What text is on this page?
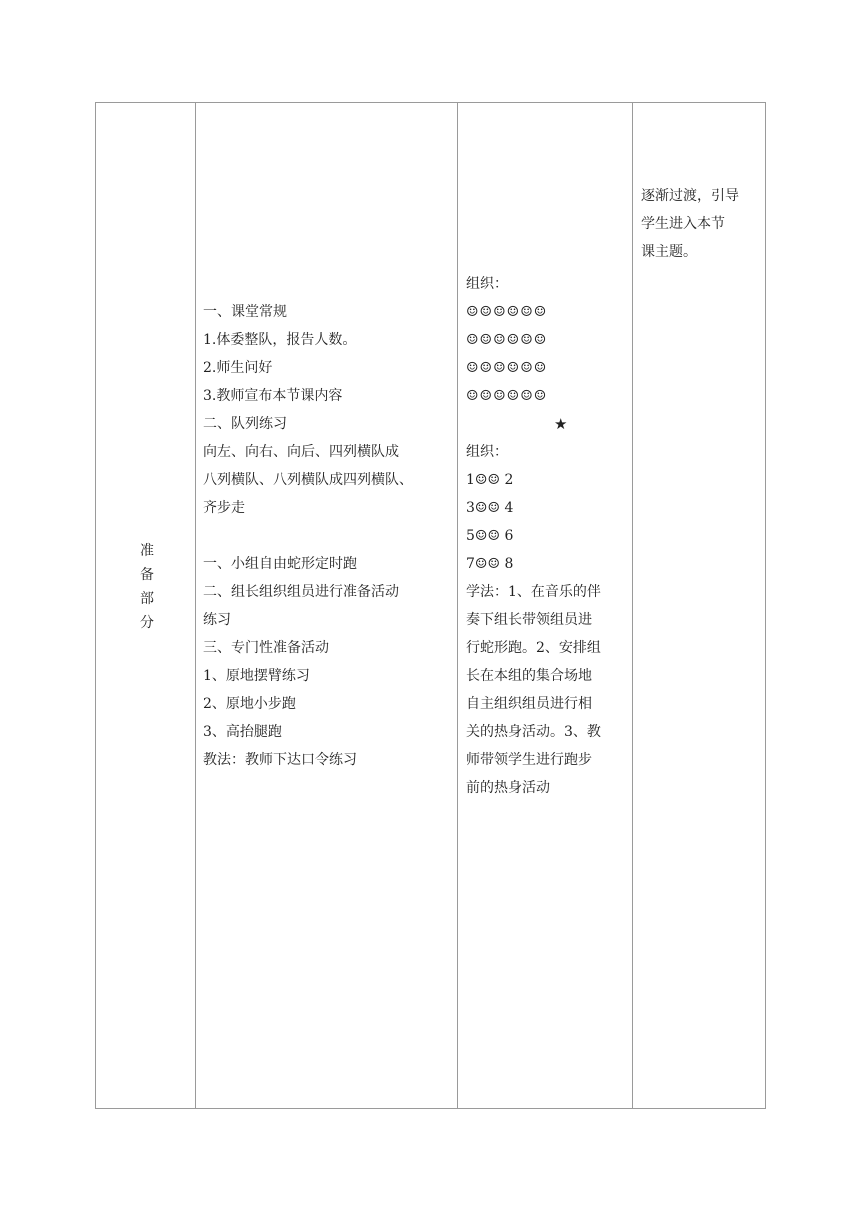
准
备
部
分
一、课堂常规
1.体委整队，报告人数。
2.师生问好
3.教师宣布本节课内容
二、队列练习
向左、向右、向后、四列横队成
八列横队、八列横队成四列横队、
齐步走
一、小组自由蛇形定时跑
二、组长组织组员进行准备活动
练习
三、专门性准备活动
1、原地摆臂练习
2、原地小步跑
3、高抬腿跑
教法：教师下达口令练习
组织：
☺☺☺☺☺☺
☺☺☺☺☺☺
☺☺☺☺☺☺
☺☺☺☺☺☺
★
组织：
1☺☺ 2
3☺☺ 4
5☺☺ 6
7☺☺ 8
学法：1、在音乐的伴
奏下组长带领组员进
行蛇形跑。2、安排组
长在本组的集合场地
自主组织组员进行相
关的热身活动。3、教
师带领学生进行跑步
前的热身活动
逐渐过渡，引导
学生进入本节
课主题。
